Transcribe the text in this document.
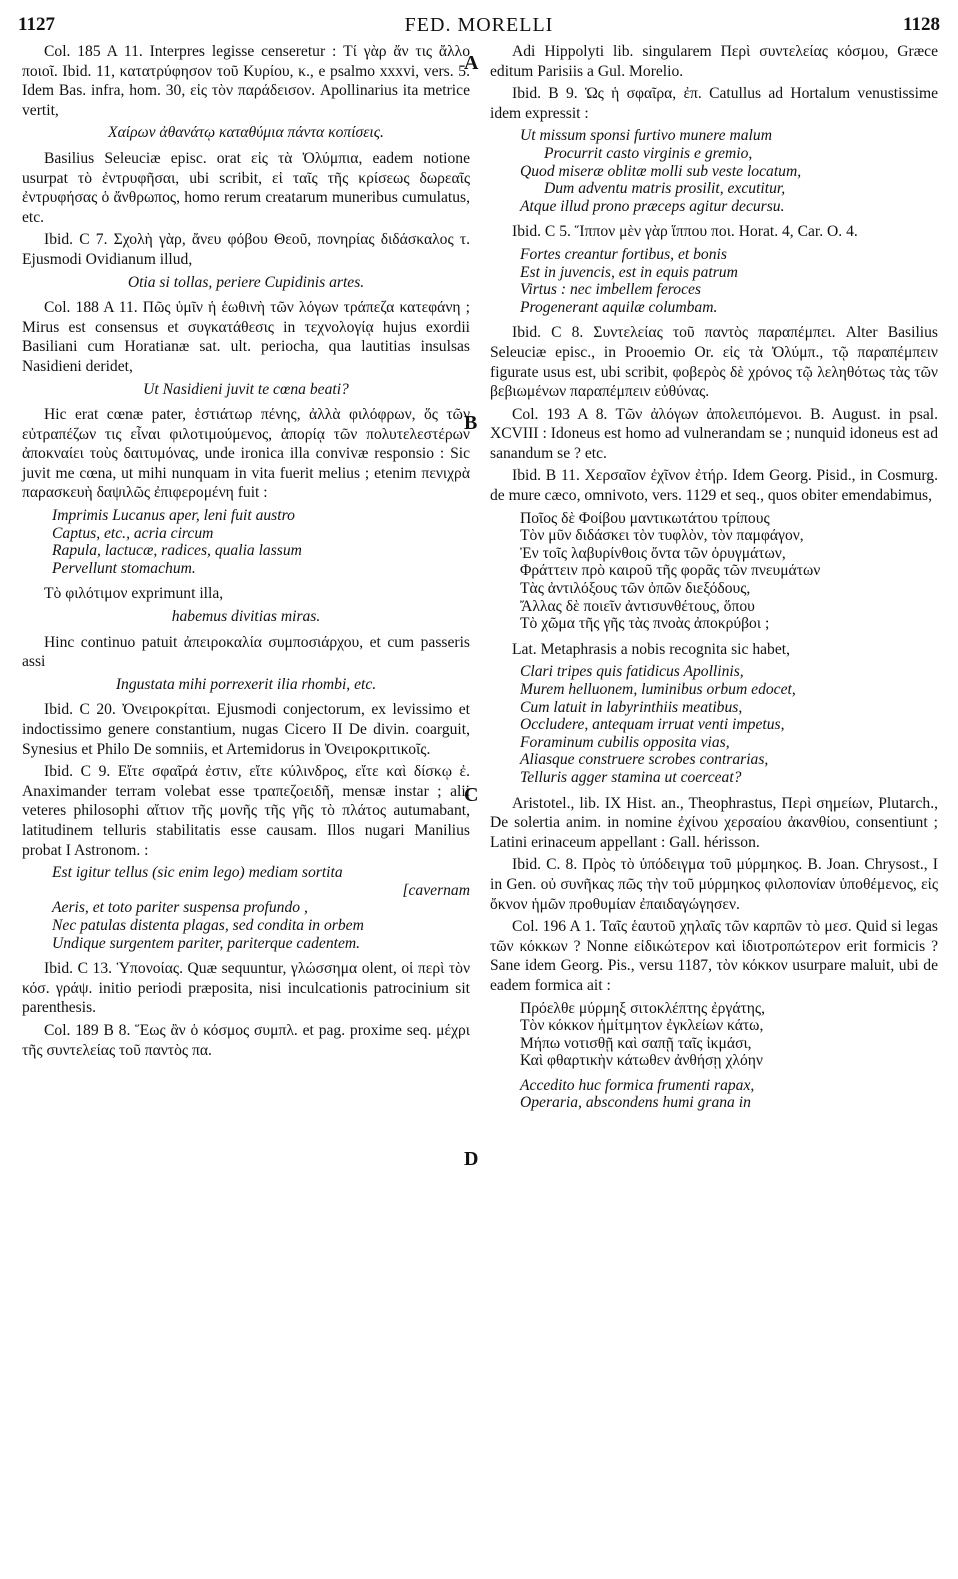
1127	FED. MORELLI	1128
A
B
C
D
Col. 185 A 11. Interpres legisse censeretur : Τί γὰρ ἄν τις ἄλλο ποιοῖ. Ibid. 11, κατατρύφησον τοῦ Κυρίου, κ., e psalmo xxxvi, vers. 5. Idem Bas. infra, hom. 30, εἰς τὸν παράδεισον. Apollinarius ita metrice vertit,
Χαίρων ἀθανάτῳ καταθύμια πάντα κοπίσεις.
Basilius Seleuciæ episc. orat εἰς τὰ Ὀλύμπια, eadem notione usurpat τὸ ἐντρυφῆσαι, ubi scribit, εἰ ταῖς τῆς κρίσεως δωρεαῖς ἐντρυφήσας ὁ ἄνθρωπος, homo rerum creatarum muneribus cumulatus, etc.
Ibid. C 7. Σχολὴ γὰρ, ἄνευ φόβου Θεοῦ, πονηρίας διδάσκαλος τ. Ejusmodi Ovidianum illud,
Otia si tollas, periere Cupidinis artes.
Col. 188 A 11. Πῶς ὑμῖν ἡ ἑωθινὴ τῶν λόγων τράπεζα κατεφάνη ; Mirus est consensus et συγκατάθεσις in τεχνολογίᾳ hujus exordii Basiliani cum Horatianæ sat. ult. periocha, qua lautitias insulsas Nasidieni deridet,
Ut Nasidieni juvit te cœna beati?
Hic erat cœnæ pater, ἑστιάτωρ πένης, ἀλλὰ φιλόφρων, ὅς τῶν εὐτραπέζων τις εἶναι φιλοτιμούμενος, ἀπορίᾳ τῶν πολυτελεστέρων ἀποκναίει τοὺς δαιτυμόνας, unde ironica illa convivæ responsio : Sic juvit me cœna, ut mihi nunquam in vita fuerit melius ; etenim πενιχρὰ παρασκευὴ δαψιλῶς ἐπιφερομένη fuit :
Imprimis Lucanus aper, leni fuit austro
Captus, etc., acria circum
Rapula, lactucæ, radices, qualia lassum
Pervellunt stomachum.
Τὸ φιλότιμον exprimunt illa,
habemus divitias miras.
Hinc continuo patuit ἀπειροκαλία συμποσιάρχου, et cum passeris assi
Ingustata mihi porrexerit ilia rhombi, etc.
Ibid. C 20. Ὀνειροκρίται. Ejusmodi conjectorum, ex levissimo et indoctissimo genere constantium, nugas Cicero II De divin. coarguit, Synesius et Philo De somniis, et Artemidorus in Ὀνειροκριτικοῖς.
Ibid. C 9. Εἴτε σφαῖρά ἐστιν, εἴτε κύλινδρος, εἴτε καὶ δίσκῳ ἐ. Anaximander terram volebat esse τραπεζοειδῆ, mensæ instar ; alii veteres philosophi αἴτιον τῆς μονῆς τῆς γῆς τὸ πλάτος autumabant, latitudinem telluris stabilitatis esse causam. Illos nugari Manilius probat I Astronom. :
Est igitur tellus (sic enim lego) mediam sortita
[cavernam
Aeris, et toto pariter suspensa profundo ,
Nec patulas distenta plagas, sed condita in orbem
Undique surgentem pariter, pariterque cadentem.
Ibid. C 13. Ὑπονοίας. Quæ sequuntur, γλώσσημα olent, οἱ περὶ τὸν κόσ. γράψ. initio periodi præposita, nisi inculcationis patrocinium sit parenthesis.
Col. 189 B 8. Ἕως ἂν ὁ κόσμος συμπλ. et pag. proxime seq. μέχρι τῆς συντελείας τοῦ παντὸς πα.
Adi Hippolyti lib. singularem Περὶ συντελείας κόσμου, Græce editum Parisiis a Gul. Morelio.
Ibid. B 9. Ὡς ἡ σφαῖρα, ἐπ. Catullus ad Hortalum venustissime idem expressit :
Ut missum sponsi furtivo munere malum
Procurrit casto virginis e gremio,
Quod miseræ oblitæ molli sub veste locatum,
Dum adventu matris prosilit, excutitur,
Atque illud prono præceps agitur decursu.
Ibid. C 5. Ἵππον μὲν γὰρ ἵππου ποι. Horat. 4, Car. O. 4.
Fortes creantur fortibus, et bonis
Est in juvencis, est in equis patrum
Virtus : nec imbellem feroces
Progenerant aquilæ columbam.
Ibid. C 8. Συντελείας τοῦ παντὸς παραπέμπει. Alter Basilius Seleuciæ episc., in Prooemio Or. εἰς τὰ Ὀλύμπ., τῷ παραπέμπειν figurate usus est, ubi scribit, φοβερὸς δὲ χρόνος τῷ λεληθότως τὰς τῶν βεβιωμένων παραπέμπειν εὐθύνας.
Col. 193 A 8. Τῶν ἀλόγων ἀπολειπόμενοι. B. August. in psal. XCVIII : Idoneus est homo ad vulnerandam se ; nunquid idoneus est ad sanandum se ? etc.
Ibid. B 11. Χερσαῖον ἐχῖνον ἐτήρ. Idem Georg. Pisid., in Cosmurg. de mure cæco, omnivoto, vers. 1129 et seq., quos obiter emendabimus,
Ποῖος δὲ Φοίβου μαντικωτάτου τρίπους
Τὸν μῦν διδάσκει τὸν τυφλὸν, τὸν παμφάγον,
Ἐν τοῖς λαβυρίνθοις ὄντα τῶν ὀρυγμάτων,
Φράττειν πρὸ καιροῦ τῆς φορᾶς τῶν πνευμάτων
Τὰς ἀντιλόξους τῶν ὀπῶν διεξόδους,
Ἄλλας δὲ ποιεῖν ἀντισυνθέτους, ὅπου
Τὸ χῶμα τῆς γῆς τὰς πνοὰς ἀποκρύβοι ;
Lat. Metaphrasis a nobis recognita sic habet,
Clari tripes quis fatidicus Apollinis,
Murem helluonem, luminibus orbum edocet,
Cum latuit in labyrinthiis meatibus,
Occludere, antequam irruat venti impetus,
Foraminum cubilis opposita vias,
Aliasque construere scrobes contrarias,
Telluris agger stamina ut coerceat?
Aristotel., lib. IX Hist. an., Theophrastus, Περὶ σημείων, Plutarch., De solertia anim. in nomine ἐχίνου χερσαίου ἀκανθίου, consentiunt ; Latini erinaceum appellant : Gall. hérisson.
Ibid. C. 8. Πρὸς τὸ ὑπόδειγμα τοῦ μύρμηκος. B. Joan. Chrysost., I in Gen. οὐ συνῆκας πῶς τὴν τοῦ μύρμηκος φιλοπονίαν ὑποθέμενος, εἰς ὄκνον ἡμῶν προθυμίαν ἐπαιδαγώγησεν.
Col. 196 A 1. Ταῖς ἑαυτοῦ χηλαῖς τῶν καρπῶν τὸ μεσ. Quid si legas τῶν κόκκων ? Nonne εἰδικώτερον καὶ ἰδιοτροπώτερον erit formicis ? Sane idem Georg. Pis., versu 1187, τὸν κόκκον usurpare maluit, ubi de eadem formica ait :
Πρόελθε μύρμηξ σιτοκλέπτης ἐργάτης,
Τὸν κόκκον ἡμίτμητον ἐγκλείων κάτω,
Μήπω νοτισθῇ καὶ σαπῇ ταῖς ἰκμάσι,
Καὶ φθαρτικὴν κάτωθεν ἀνθήσῃ χλόην
Accedito huc formica frumenti rapax,
Operaria, abscondens humi grana in
